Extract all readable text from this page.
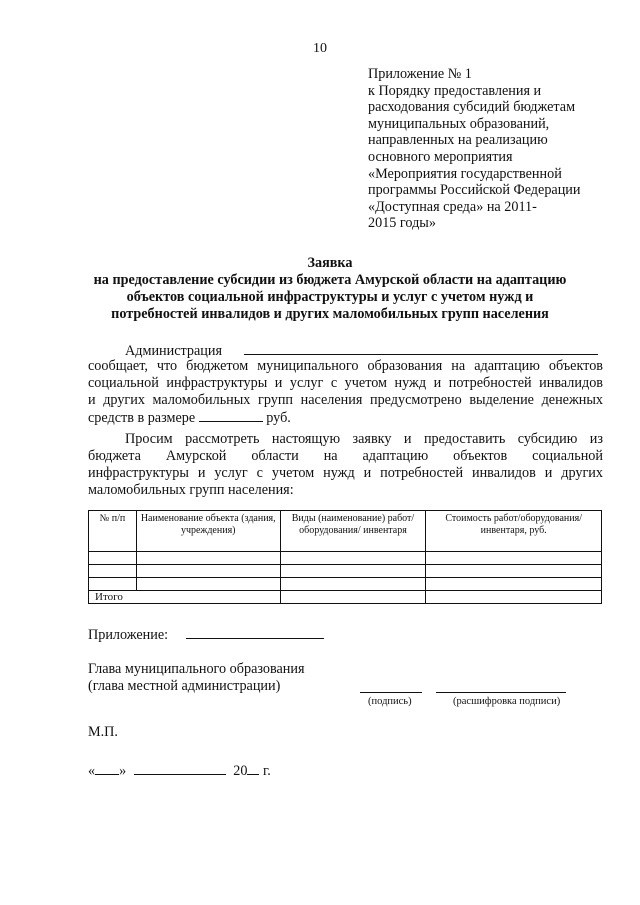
10
Приложение № 1
к Порядку предоставления и
расходования субсидий бюджетам
муниципальных образований,
направленных на реализацию
основного мероприятия
«Мероприятия государственной
программы Российской Федерации
«Доступная среда» на 2011-
2015 годы»
Заявка
на предоставление субсидии из бюджета Амурской области на адаптацию
объектов социальной инфраструктуры и услуг с учетом нужд и
потребностей инвалидов и других маломобильных групп населения
Администрация
сообщает, что бюджетом муниципального образования на адаптацию объектов
социальной инфраструктуры и услуг с учетом нужд и потребностей инвалидов
и других маломобильных групп населения предусмотрено выделение денежных
средств в размере	руб.
Просим рассмотреть настоящую заявку и предоставить субсидию из
бюджета Амурской области на адаптацию объектов социальной
инфраструктуры и услуг с учетом нужд и потребностей инвалидов и других
маломобильных групп населения:
№ п/п	Наименование объекта (здания, учреждения)	Виды (наименование) работ/оборудования/ инвентаря	Стоимость работ/оборудования/ инвентаря, руб.

Итого			
Приложение:
Глава муниципального образования
(глава местной администрации)
(подпись)	(расшифровка подписи)
М.П.
« »	20 г.
